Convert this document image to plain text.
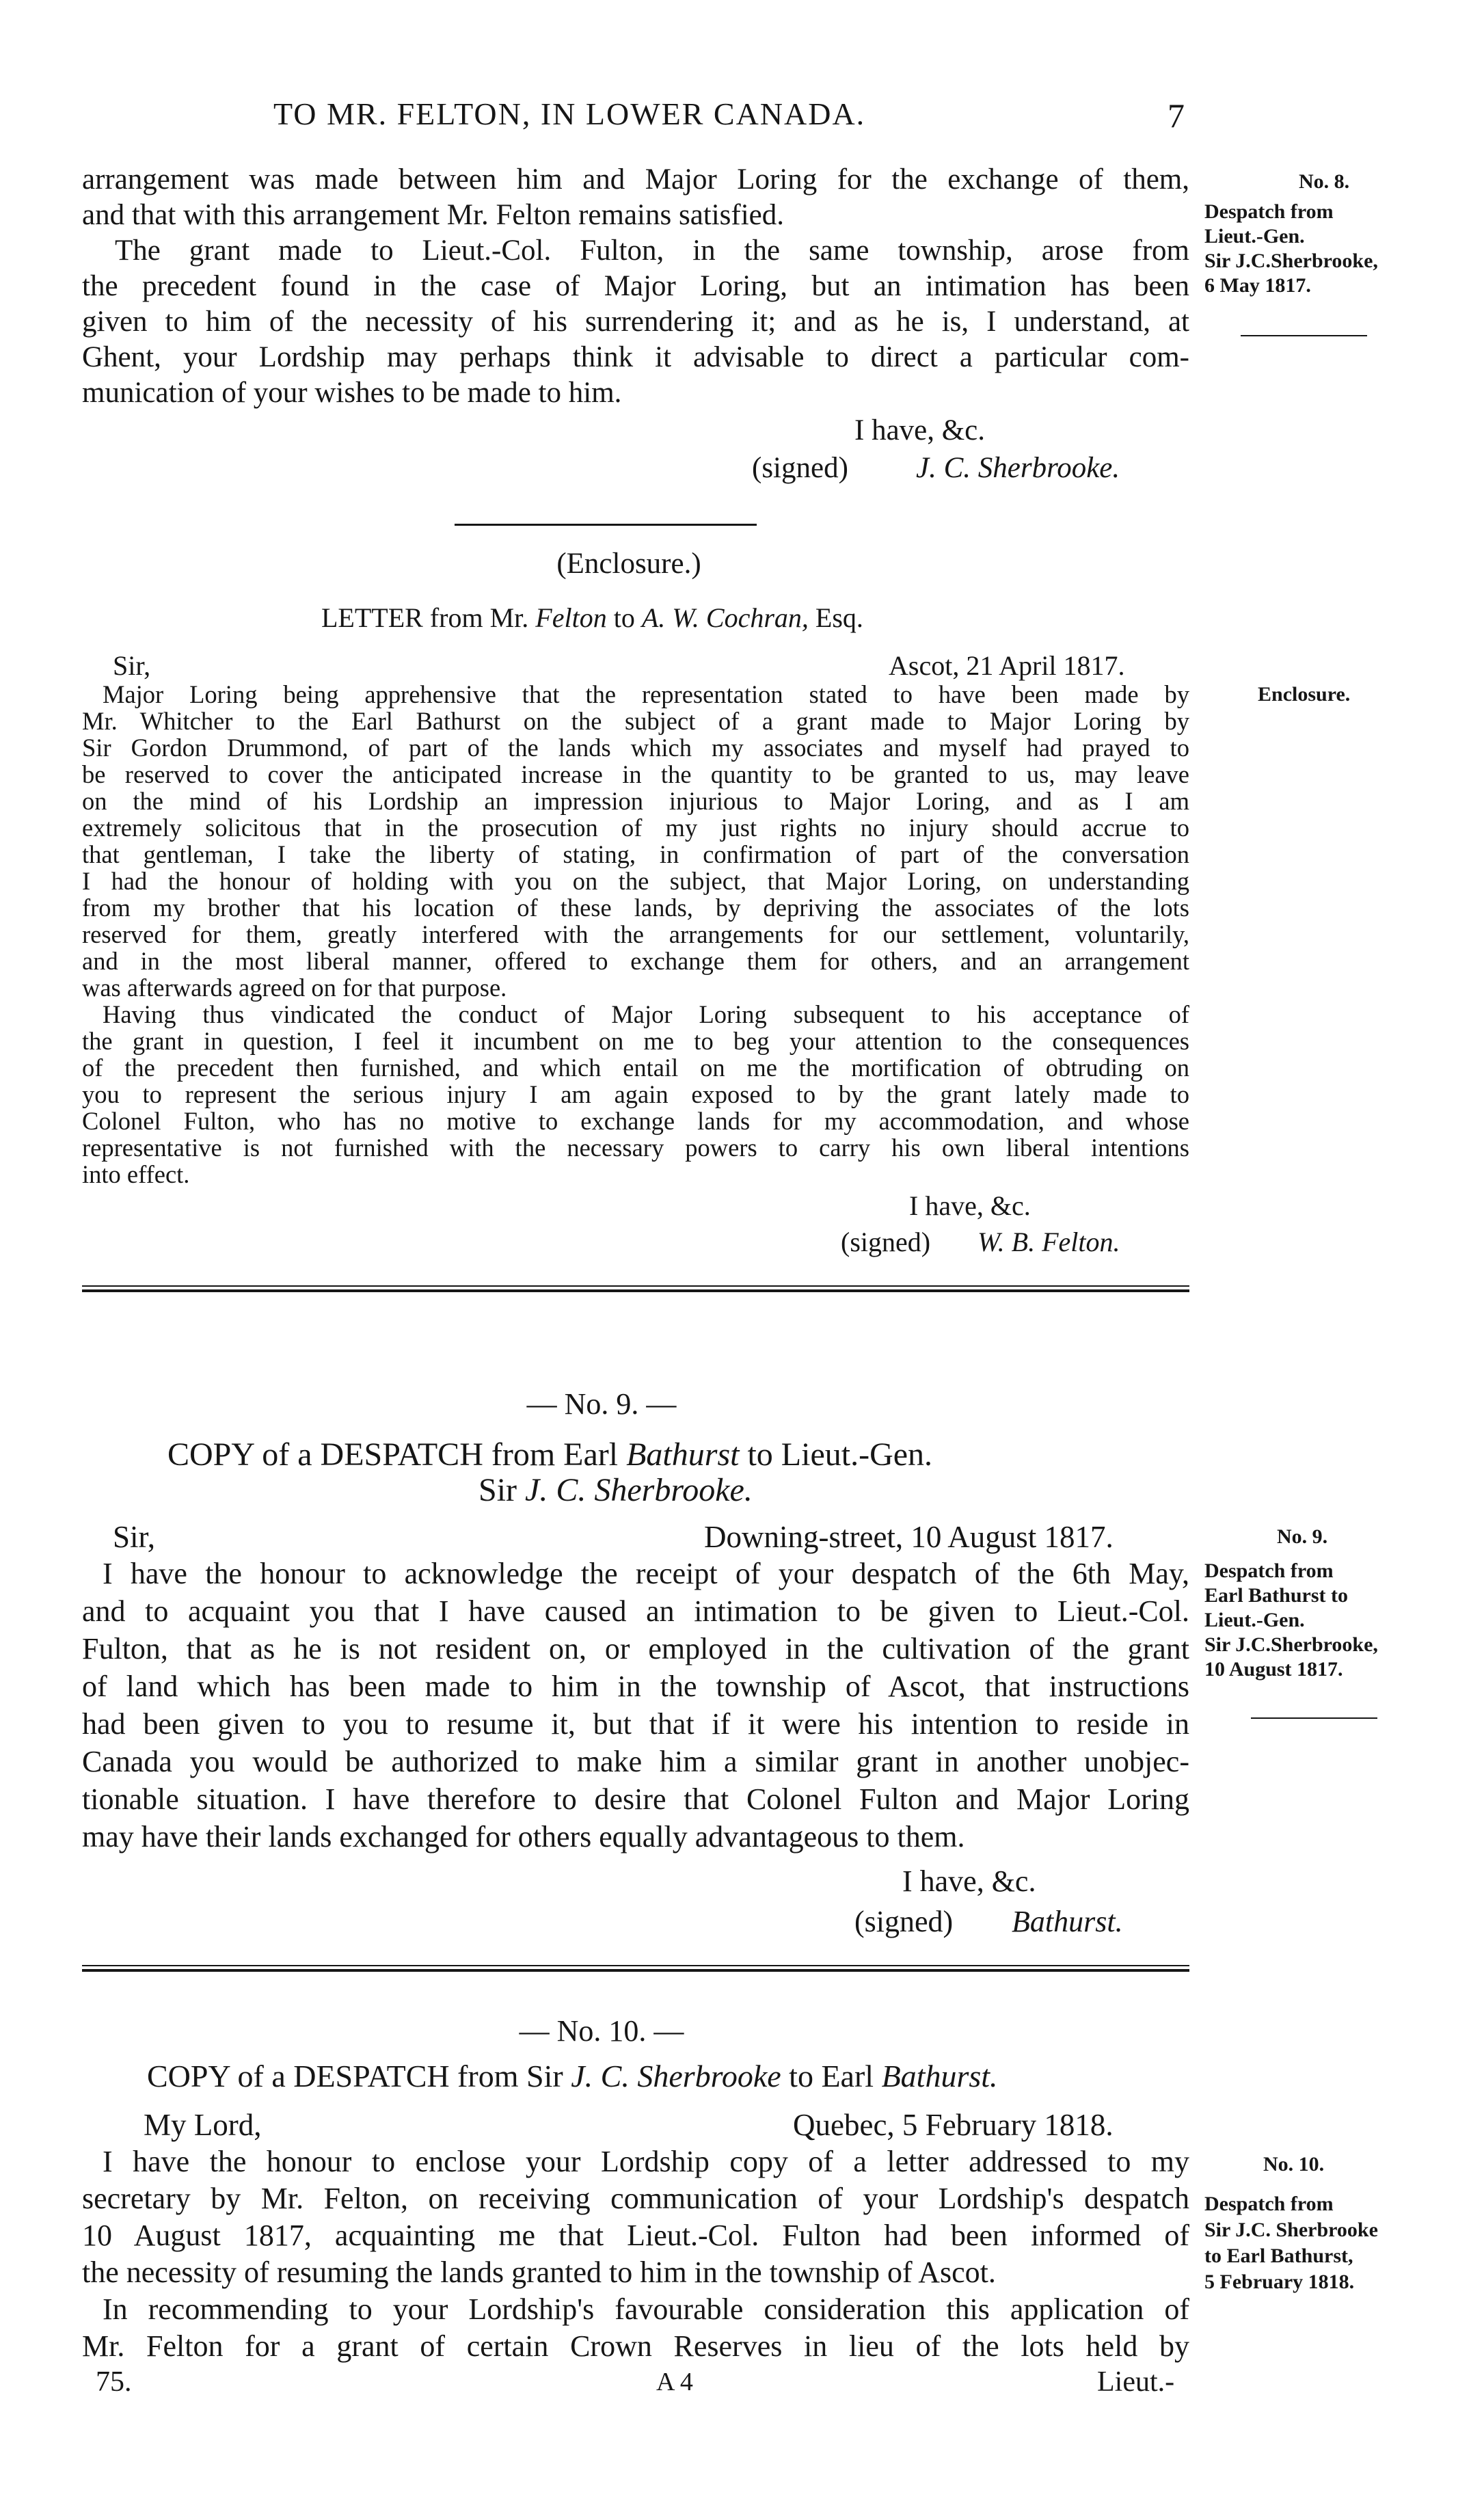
TO MR. FELTON, IN LOWER CANADA.	7
arrangement was made between him and Major Loring for the exchange of them,
and that with this arrangement Mr. Felton remains satisfied.
The grant made to Lieut.-Col. Fulton, in the same township, arose from
the precedent found in the case of Major Loring, but an intimation has been
given to him of the necessity of his surrendering it; and as he is, I understand, at
Ghent, your Lordship may perhaps think it advisable to direct a particular com-
munication of your wishes to be made to him.
I have, &c.
(signed) J. C. Sherbrooke.
No. 8.
Despatch from
Lieut.-Gen.
Sir J.C.Sherbrooke,
6 May 1817.
(Enclosure.)
LETTER from Mr. Felton to A. W. Cochran, Esq.
Sir,	Ascot, 21 April 1817.
Major Loring being apprehensive that the representation stated to have been made by
Mr. Whitcher to the Earl Bathurst on the subject of a grant made to Major Loring by
Sir Gordon Drummond, of part of the lands which my associates and myself had prayed to
be reserved to cover the anticipated increase in the quantity to be granted to us, may leave
on the mind of his Lordship an impression injurious to Major Loring, and as I am
extremely solicitous that in the prosecution of my just rights no injury should accrue to
that gentleman, I take the liberty of stating, in confirmation of part of the conversation
I had the honour of holding with you on the subject, that Major Loring, on understanding
from my brother that his location of these lands, by depriving the associates of the lots
reserved for them, greatly interfered with the arrangements for our settlement, voluntarily,
and in the most liberal manner, offered to exchange them for others, and an arrangement
was afterwards agreed on for that purpose.
Having thus vindicated the conduct of Major Loring subsequent to his acceptance of
the grant in question, I feel it incumbent on me to beg your attention to the consequences
of the precedent then furnished, and which entail on me the mortification of obtruding on
you to represent the serious injury I am again exposed to by the grant lately made to
Colonel Fulton, who has no motive to exchange lands for my accommodation, and whose
representative is not furnished with the necessary powers to carry his own liberal intentions
into effect.
I have, &c.
(signed) W. B. Felton.
Enclosure.
— No. 9. —
COPY of a DESPATCH from Earl Bathurst to Lieut.-Gen.
Sir J. C. Sherbrooke.
Sir,	Downing-street, 10 August 1817.
I have the honour to acknowledge the receipt of your despatch of the 6th May,
and to acquaint you that I have caused an intimation to be given to Lieut.-Col.
Fulton, that as he is not resident on, or employed in the cultivation of the grant
of land which has been made to him in the township of Ascot, that instructions
had been given to you to resume it, but that if it were his intention to reside in
Canada you would be authorized to make him a similar grant in another unobjec-
tionable situation. I have therefore to desire that Colonel Fulton and Major Loring
may have their lands exchanged for others equally advantageous to them.
I have, &c.
(signed) Bathurst.
No. 9.
Despatch from
Earl Bathurst to
Lieut.-Gen.
Sir J.C.Sherbrooke,
10 August 1817.
— No. 10. —
COPY of a DESPATCH from Sir J. C. Sherbrooke to Earl Bathurst.
My Lord,	Quebec, 5 February 1818.
I have the honour to enclose your Lordship copy of a letter addressed to my
secretary by Mr. Felton, on receiving communication of your Lordship's despatch
10 August 1817, acquainting me that Lieut.-Col. Fulton had been informed of
the necessity of resuming the lands granted to him in the township of Ascot.
In recommending to your Lordship's favourable consideration this application of
Mr. Felton for a grant of certain Crown Reserves in lieu of the lots held by
No. 10.
Despatch from
Sir J.C. Sherbrooke
to Earl Bathurst,
5 February 1818.
75.	A 4	Lieut.-
